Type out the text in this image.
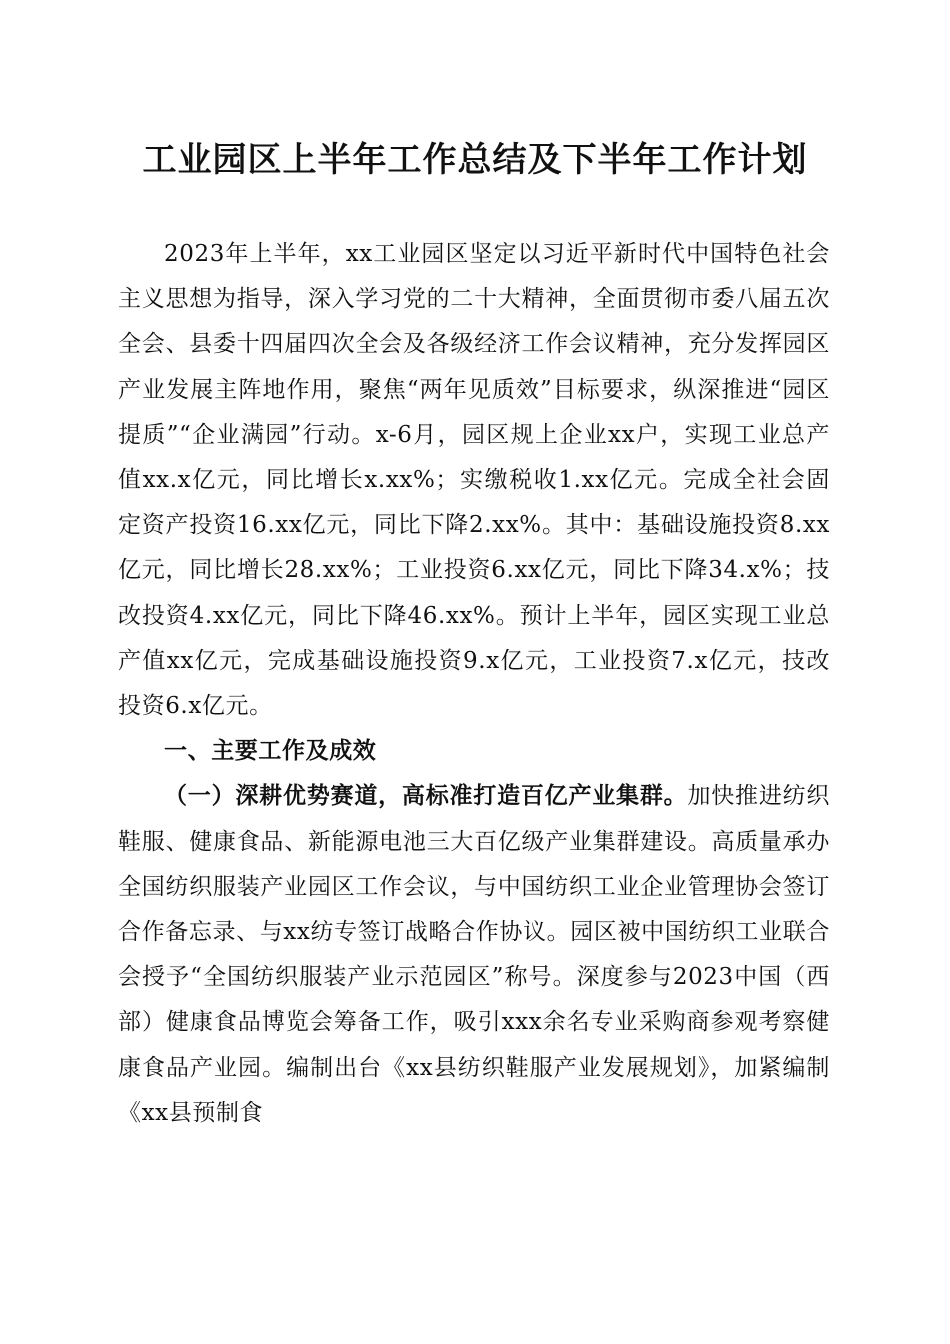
工业园区上半年工作总结及下半年工作计划

2023年上半年，xx工业园区坚定以习近平新时代中国特色社会主义思想为指导，深入学习党的二十大精神，全面贯彻市委八届五次全会、县委十四届四次全会及各级经济工作会议精神，充分发挥园区产业发展主阵地作用，聚焦“两年见质效”目标要求，纵深推进“园区提质”“企业满园”行动。x-6月，园区规上企业xx户，实现工业总产值xx.x亿元，同比增长x.xx%；实缴税收1.xx亿元。完成全社会固定资产投资16.xx亿元，同比下降2.xx%。其中：基础设施投资8.xx亿元，同比增长28.xx%；工业投资6.xx亿元，同比下降34.x%；技改投资4.xx亿元，同比下降46.xx%。预计上半年，园区实现工业总产值xx亿元，完成基础设施投资9.x亿元，工业投资7.x亿元，技改投资6.x亿元。

一、主要工作及成效

（一）深耕优势赛道，高标准打造百亿产业集群。加快推进纺织鞋服、健康食品、新能源电池三大百亿级产业集群建设。高质量承办全国纺织服装产业园区工作会议，与中国纺织工业企业管理协会签订合作备忘录、与xx纺专签订战略合作协议。园区被中国纺织工业联合会授予“全国纺织服装产业示范园区”称号。深度参与2023中国（西部）健康食品博览会筹备工作，吸引xxx余名专业采购商参观考察健康食品产业园。编制出台《xx县纺织鞋服产业发展规划》，加紧编制《xx县预制食
